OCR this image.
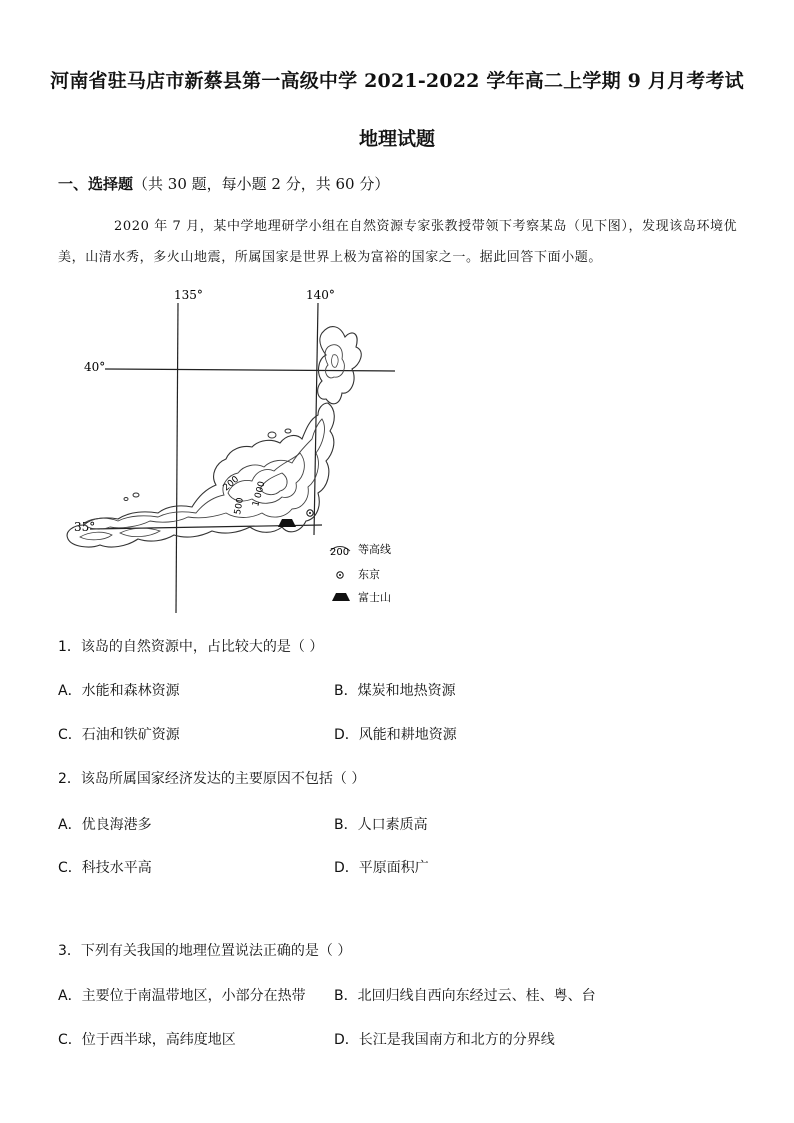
河南省驻马店市新蔡县第一高级中学 2021-2022 学年高二上学期 9 月月考考试
地理试题
一、选择题（共 30 题，每小题 2 分，共 60 分）
2020 年 7 月，某中学地理研学小组在自然资源专家张教授带领下考察某岛（见下图），发现该岛环境优美，山清水秀，多火山地震，所属国家是世界上极为富裕的国家之一。据此回答下面小题。
135°	140°
40°
35°
200
500 1 000
200 等高线
东京
富士山
1．该岛的自然资源中，占比较大的是（ ）
A．水能和森林资源	B．煤炭和地热资源
C．石油和铁矿资源	D．风能和耕地资源
2．该岛所属国家经济发达的主要原因不包括（ ）
A．优良海港多	B．人口素质高
C．科技水平高	D．平原面积广
3．下列有关我国的地理位置说法正确的是（ ）
A．主要位于南温带地区，小部分在热带 B．北回归线自西向东经过云、桂、粤、台
C．位于西半球，高纬度地区	D．长江是我国南方和北方的分界线
